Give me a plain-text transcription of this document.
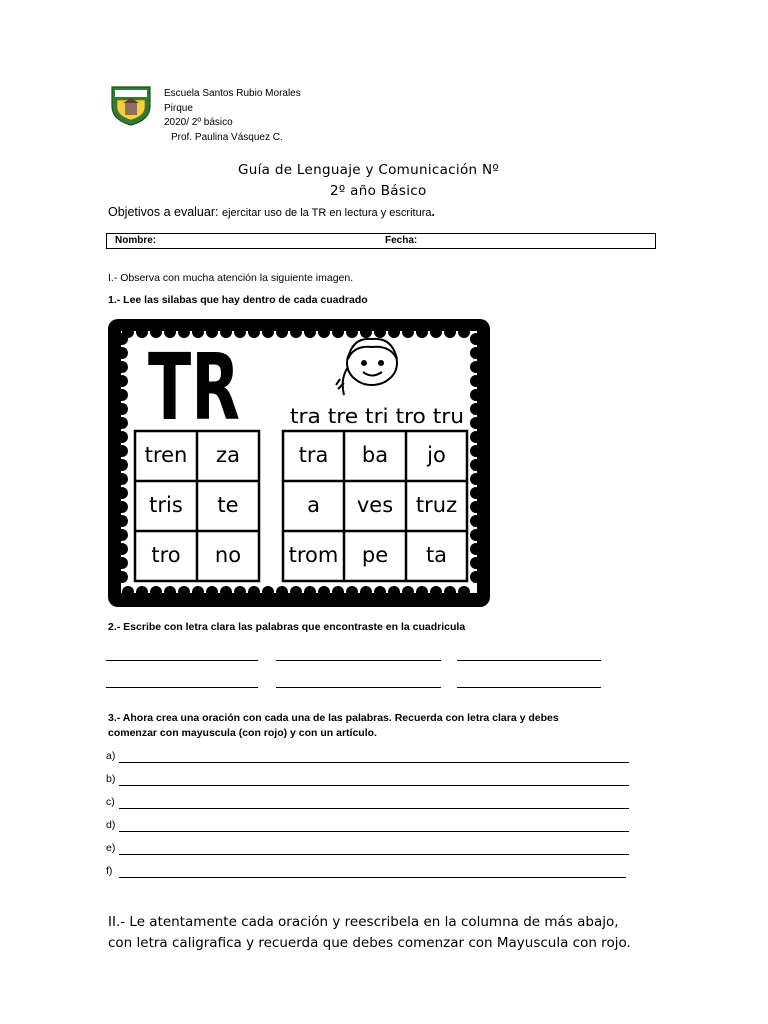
Escuela Santos Rubio Morales
Pirque
2020/ 2º básico
Prof. Paulina Vásquez C.
Guía de Lenguaje y Comunicación Nº
2º año Básico
Objetivos a evaluar: ejercitar uso de la TR en lectura y escritura.
Nombre:	Fecha:
I.- Observa con mucha atención la siguiente imagen.
1.- Lee las silabas que hay dentro de cada cuadrado
TR	tra tre tri tro tru
tren za
tris te
tro no
tra ba jo
a ves truz
trom pe ta
2.- Escribe con letra clara las palabras que encontraste en la cuadricula
3.- Ahora crea una oración con cada una de las palabras. Recuerda con letra clara y debes
comenzar con mayuscula (con rojo) y con un artículo.
a)
b)
c)
d)
e)
f)
II.- Le atentamente cada oración y reescribela en la columna de más abajo,
con letra caligrafica y recuerda que debes comenzar con Mayuscula con rojo.
